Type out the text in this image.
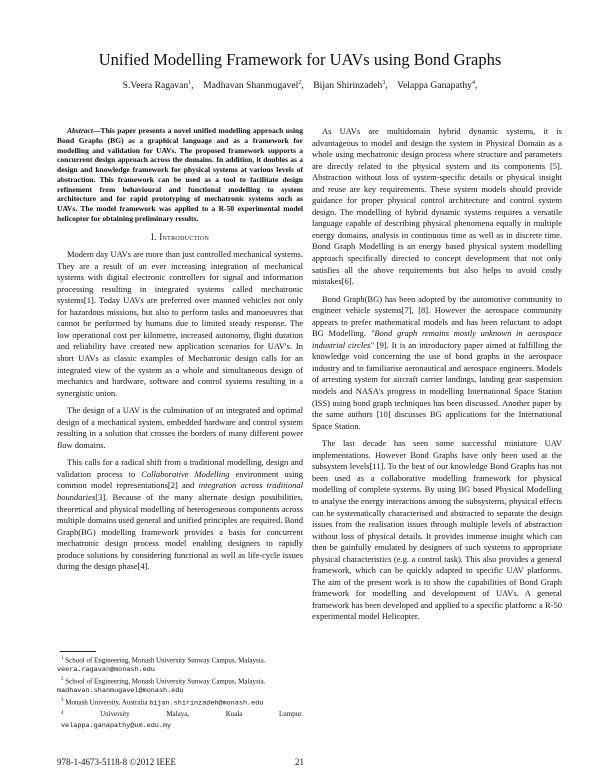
Unified Modelling Framework for UAVs using Bond Graphs
S.Veera Ragavan$^1$, Madhavan Shanmugavel$^2$, Bijan Shirinzadeh$^3$, Velappa Ganapathy$^4$,

Abstract—This paper presents a novel unified modelling approach using Bond Graphs (BG) as a graphical language and as a framework for modelling and validation for UAVs. The proposed framework supports a concurrent design approach across the domains. In addition, it doubles as a design and knowledge framework for physical systems at various levels of abstraction. This framework can be used as a tool to facilitate design refinement from behavioural and functional modelling to system architecture and for rapid prototyping of mechatronic systems such as UAVs. The model framework was applied to a R-50 experimental model helicopter for obtaining preliminary results.

I. Introduction

Modern day UAVs are more than just controlled mechanical systems. They are a result of an ever increasing integration of mechanical systems with digital electronic controllers for signal and information processing resulting in integrated systems called mechatronic systems[1]. Today UAVs are preferred over manned vehicles not only for hazardous missions, but also to perform tasks and manoeuvres that cannot be performed by humans due to limited steady response. The low operational cost per kilometre, increased autonomy, flight duration and reliability have created new application scenarios for UAV's. In short UAVs as classic examples of Mechatronic design calls for an integrated view of the system as a whole and simultaneous design of mechanics and hardware, software and control systems resulting in a synergistic union.

The design of a UAV is the culmination of an integrated and optimal design of a mechanical system, embedded hardware and control system resulting in a solution that crosses the borders of many different power flow domains.

This calls for a radical shift from a traditional modelling, design and validation process to Collaborative Modelling environment using common model representations[2] and integration across traditional boundaries[3]. Because of the many alternate design possibilities, theoretical and physical modelling of heterogeneous components across multiple domains used general and unified principles are required. Bond Graph(BG) modelling framework provides a basis for concurrent mechatronic design process model enabling designers to rapidly produce solutions by considering functional as well as life-cycle issues during the design phase[4].

As UAVs are multidomain hybrid dynamic systems, it is advantageous to model and design the system in Physical Domain as a whole using mechatronic design process where structure and parameters are directly related to the physical system and its components [5]. Abstraction without loss of system-specific details or physical insight and reuse are key requirements. These system models should provide guidance for proper physical control architecture and control system design. The modelling of hybrid dynamic systems requires a versatile language capable of describing physical phenomena equally in multiple energy domains, analysis in continuous time as well as in discrete time. Bond Graph Modelling is an energy based physical system modelling approach specifically directed to concept development that not only satisfies all the above requirements but also helps to avoid costly mistakes[6].

Bond Graph(BG) has been adopted by the automotive community to engineer vehicle systems[7], [8]. However the aerospace community appears to prefer mathematical models and has been reluctant to adopt BG Modelling. "Bond graph remains mostly unknown in aerospace industrial circles" [9]. It is an introductory paper aimed at fulfilling the knowledge void concerning the use of bond graphs in the aerospace industry and to familiarise aeronautical and aerospace engineers. Models of arresting system for aircraft carrier landings, landing gear suspension models and NASA's progress in modelling International Space Station (ISS) using bond graph techniques has been discussed. Another paper by the same authors [10] discusses BG applications for the International Space Station.

The last decade has seen some successful miniature UAV implementations. However Bond Graphs have only been used at the subsystem levels[11]. To the best of our knowledge Bond Graphs has not been used as a collaborative modelling framework for physical modelling of complete systems. By using BG based Physical Modelling to analyse the energy interactions among the subsystems, physical effects can be systematically characterised and abstracted to separate the design issues from the realisation issues through multiple levels of abstraction without loss of physical details. It provides immense insight which can then be gainfully emulated by designers of such systems to appropriate physical characteristics (e.g. a control task). This also provides a general framework, which can be quickly adapted to specific UAV platforms. The aim of the present work is to show the capabilities of Bond Graph framework for modelling and development of UAVs. A general framework has been developed and applied to a specific platform: a R-50 experimental model Helicopter.

$^1$ School of Engineering, Monash University Sunway Campus, Malaysia. veera.ragavan@monash.edu
$^2$ School of Engineering, Monash University Sunway Campus, Malaysia. madhavan.shanmugavel@monash.edu
$^3$ Monash University, Australia bijan.shirinzadeh@monash.edu
$^4$	University	Malaya,	Kuala	Lumpur.
velappa.ganapathy@um.edu.my
978-1-4673-5118-8 ©2012 IEEE	21
